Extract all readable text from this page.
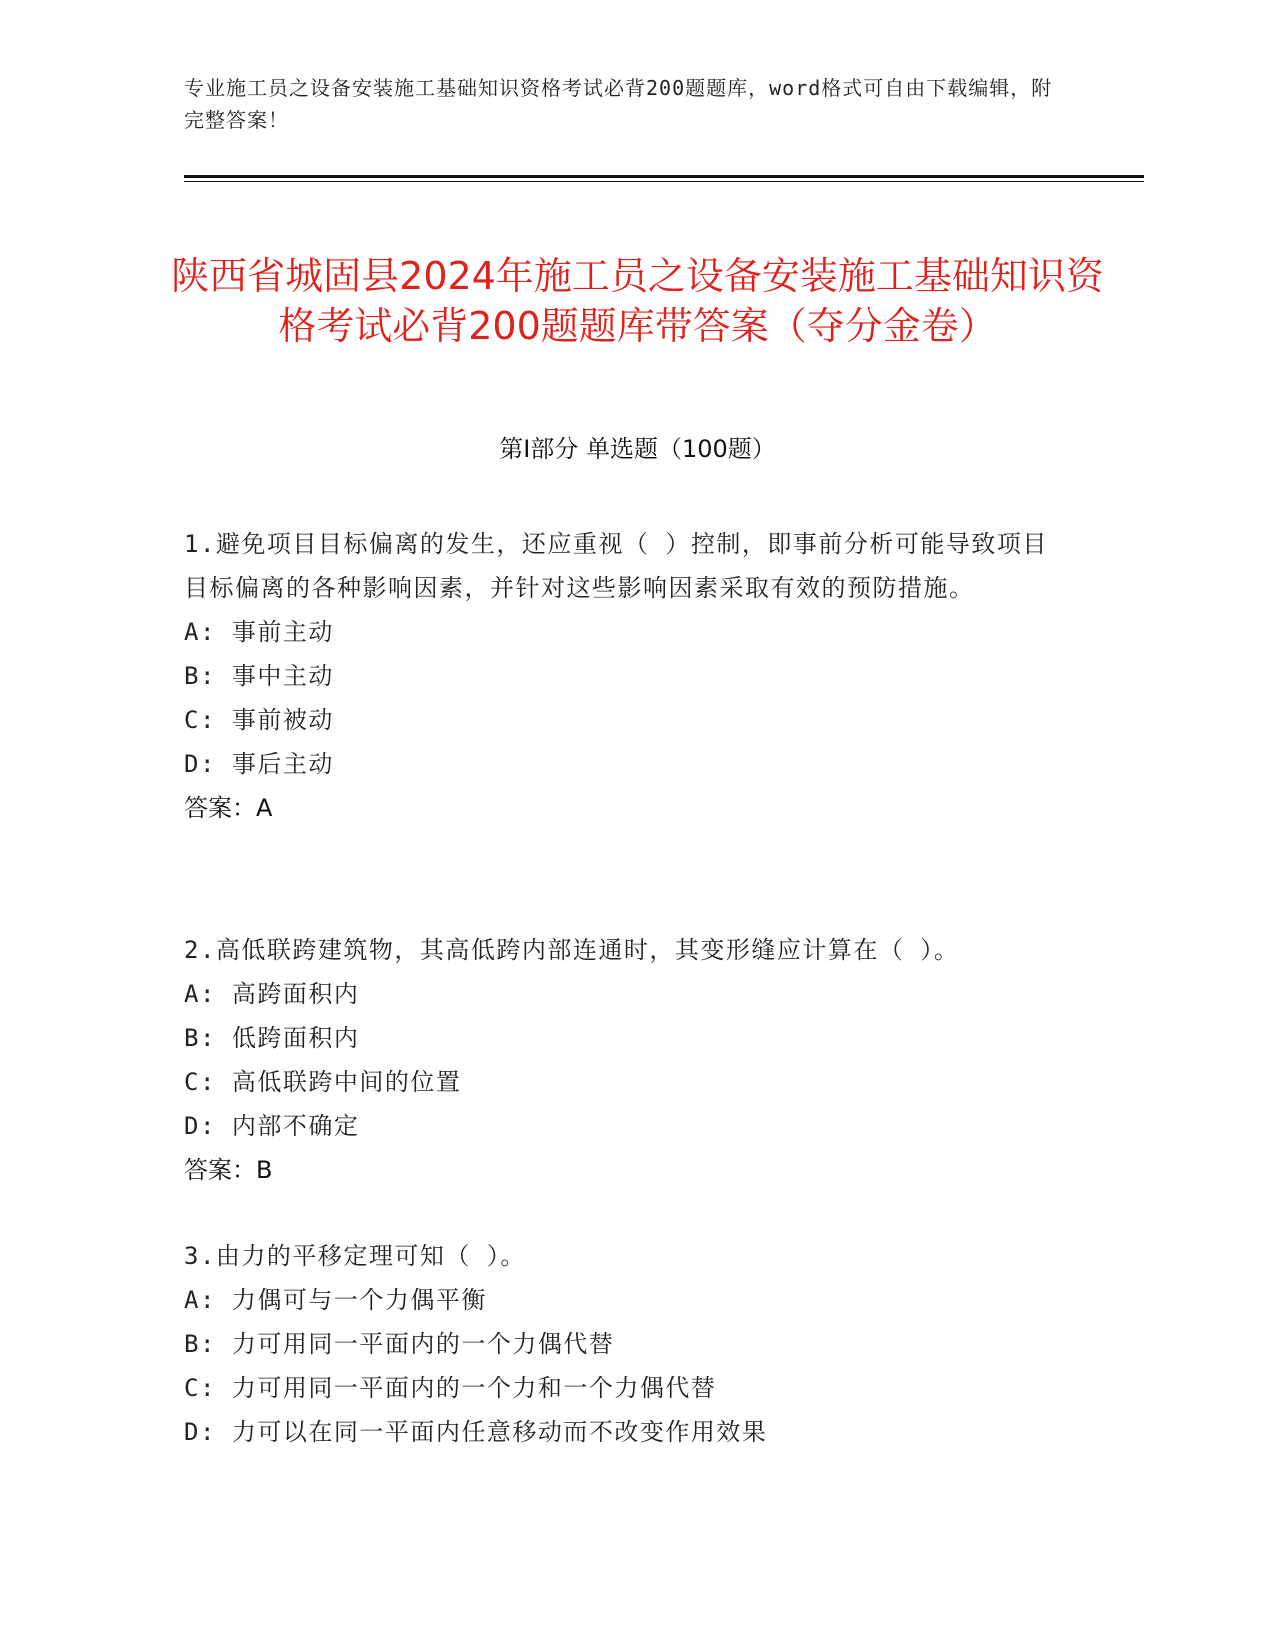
专业施工员之设备安装施工基础知识资格考试必背200题题库，word格式可自由下载编辑，附完整答案！
陕西省城固县2024年施工员之设备安装施工基础知识资格考试必背200题题库带答案（夺分金卷）
第I部分 单选题（100题）
1.避免项目目标偏离的发生，还应重视（ ）控制，即事前分析可能导致项目目标偏离的各种影响因素，并针对这些影响因素采取有效的预防措施。
A: 事前主动
B: 事中主动
C: 事前被动
D: 事后主动
答案：A
2.高低联跨建筑物，其高低跨内部连通时，其变形缝应计算在（ ）。
A: 高跨面积内
B: 低跨面积内
C: 高低联跨中间的位置
D: 内部不确定
答案：B
3.由力的平移定理可知（ ）。
A: 力偶可与一个力偶平衡
B: 力可用同一平面内的一个力偶代替
C: 力可用同一平面内的一个力和一个力偶代替
D: 力可以在同一平面内任意移动而不改变作用效果
